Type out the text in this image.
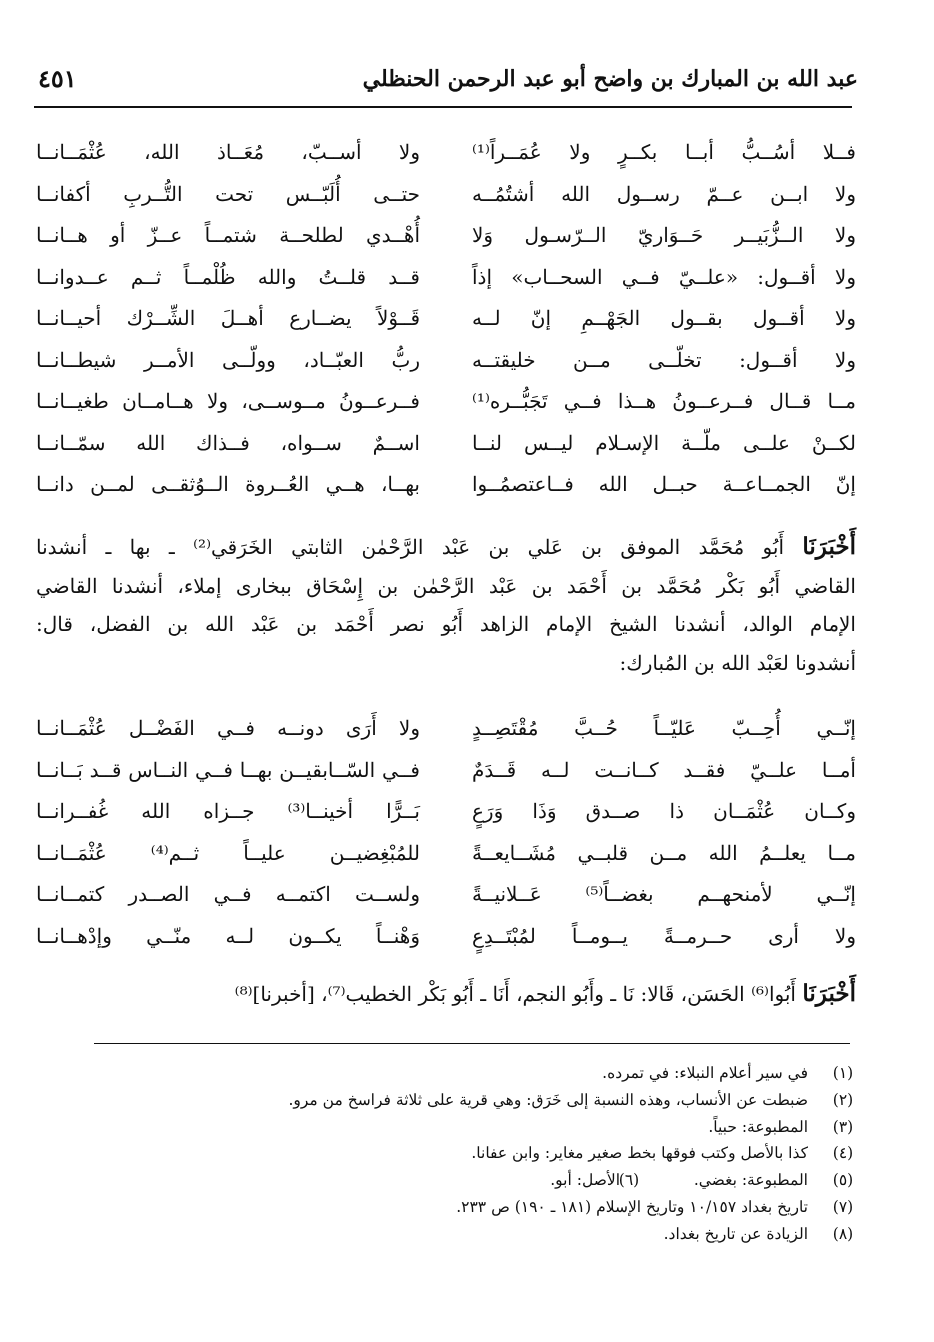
عبد الله بن المبارك بن واضح أبو عبد الرحمن الحنظلي
٤٥١
فــلا أسُــبُّ أبــا بكــرٍ ولا عُمَــراً⁽¹⁾
ولا أســبّ، مُعَــاذ الله، عُثْمَــانــا
ولا ابــن عــمّ رســول الله أشتُمُــه
حتــى أُلَبّــس تحت التُّــربِ أكفانــا
ولا الــزُّبَيــر حَــوَاريّ الــرّسـول وَلا
أُهْــدي لطلحــة شتمــاً عــزّ أو هــانــا
ولا أقــول: «علــيّ فــي السحــاب» إذاً
قــد قلــتُ والله ظُلْمــاً ثــم عــدوانــا
ولا أقــول بقــول الجَهْــمِ إنّ لــه
قَــوْلاً يضــارع أهــلَ الشِّــرْك أحيــانــا
ولا أقــول: تخلّــى مــن خليقتــه
ربُّ العبّــاد، وولّــى الأمــر شيطــانــا
مــا قــال فــرعــونُ هــذا فــي تَجَبُّــره⁽¹⁾
فــرعــونُ مــوســى، ولا هــامــان طغيــانــا
لكــنْ علــى ملّــة الإسـلام ليــس لنــا
اســمٌ ســواه، فــذاك الله سمّــانــا
إنّ الجمــاعــة حبــل الله فــاعتصمُــوا
بهــا، هــي العُــروة الــوُثقــى لمــن دانــا
أَخْبَرَنَا أَبُو مُحَمَّد الموفق بن عَلي بن عَبْد الرَّحْمٰن الثابتي الخَرَقي⁽²⁾ ـ بها ـ أنشدنا
القاضي أَبُو بَكْر مُحَمَّد بن أَحْمَد بن عَبْد الرَّحْمٰن بن إِسْحَاق ببخارى إملاء، أنشدنا القاضي
الإمام الوالد، أنشدنا الشيخ الإمام الزاهد أَبُو نصر أَحْمَد بن عَبْد الله بن الفضل، قال:
أنشدونا لعَبْد الله بن المُبارك:
إنّــي أُحِــبّ عَليّــاً حُــبَّ مُقْتَصِــدٍ
ولا أَرَى دونــه فــي الفَضْــل عُثْمَــانــا
أمــا علــيّ فقــد كــانــت لــه قَــدَمٌ
فــي السّــابقيــن بهــا فــي النــاس قــد بَــانــا
وكــان عُثْمَــان ذا صــدق وَذَا وَرَعٍ
بَــرًّا أخينــا⁽³⁾ جــزاه الله غُفــرانــا
مــا يعلــمُ الله مــن قلبــي مُشَــايعــةً
للمُبْغِضيــن عليــاً ثــم⁽⁴⁾ عُثْمَــانــا
إنّــي لأمنحهــم بغضــاً⁽⁵⁾ عَــلانيــةً
ولســت اكتمــه فــي الصــدر كتمــانــا
ولا أرى حــرمــةً يــومــاً لمُبْتَــدِعٍ
وَهْنــاً يكــون لــه منّــي وإدْهــانــا
أَخْبَرَنَا أَبُوا⁽⁶⁾ الحَسَن، قَالا: نَا ـ وأَبُو النجم، أَنَا ـ أَبُو بَكْر الخطيب⁽⁷⁾، [أخبرنا]⁽⁸⁾
(١)
في سير أعلام النبلاء: في تمرده.
(٢)
ضبطت عن الأنساب، وهذه النسبة إلى خَرَق: وهي قرية على ثلاثة فراسخ من مرو.
(٣)
المطبوعة: حبياً.
(٤)
كذا بالأصل وكتب فوقها بخط صغير مغاير: وابن عفانا.
(٥)
المطبوعة: بغضي.
(٦)
الأصل: أبو.
(٧)
تاريخ بغداد ١٠/١٥٧ وتاريخ الإسلام (١٨١ ـ ١٩٠) ص ٢٣٣.
(٨)
الزيادة عن تاريخ بغداد.
